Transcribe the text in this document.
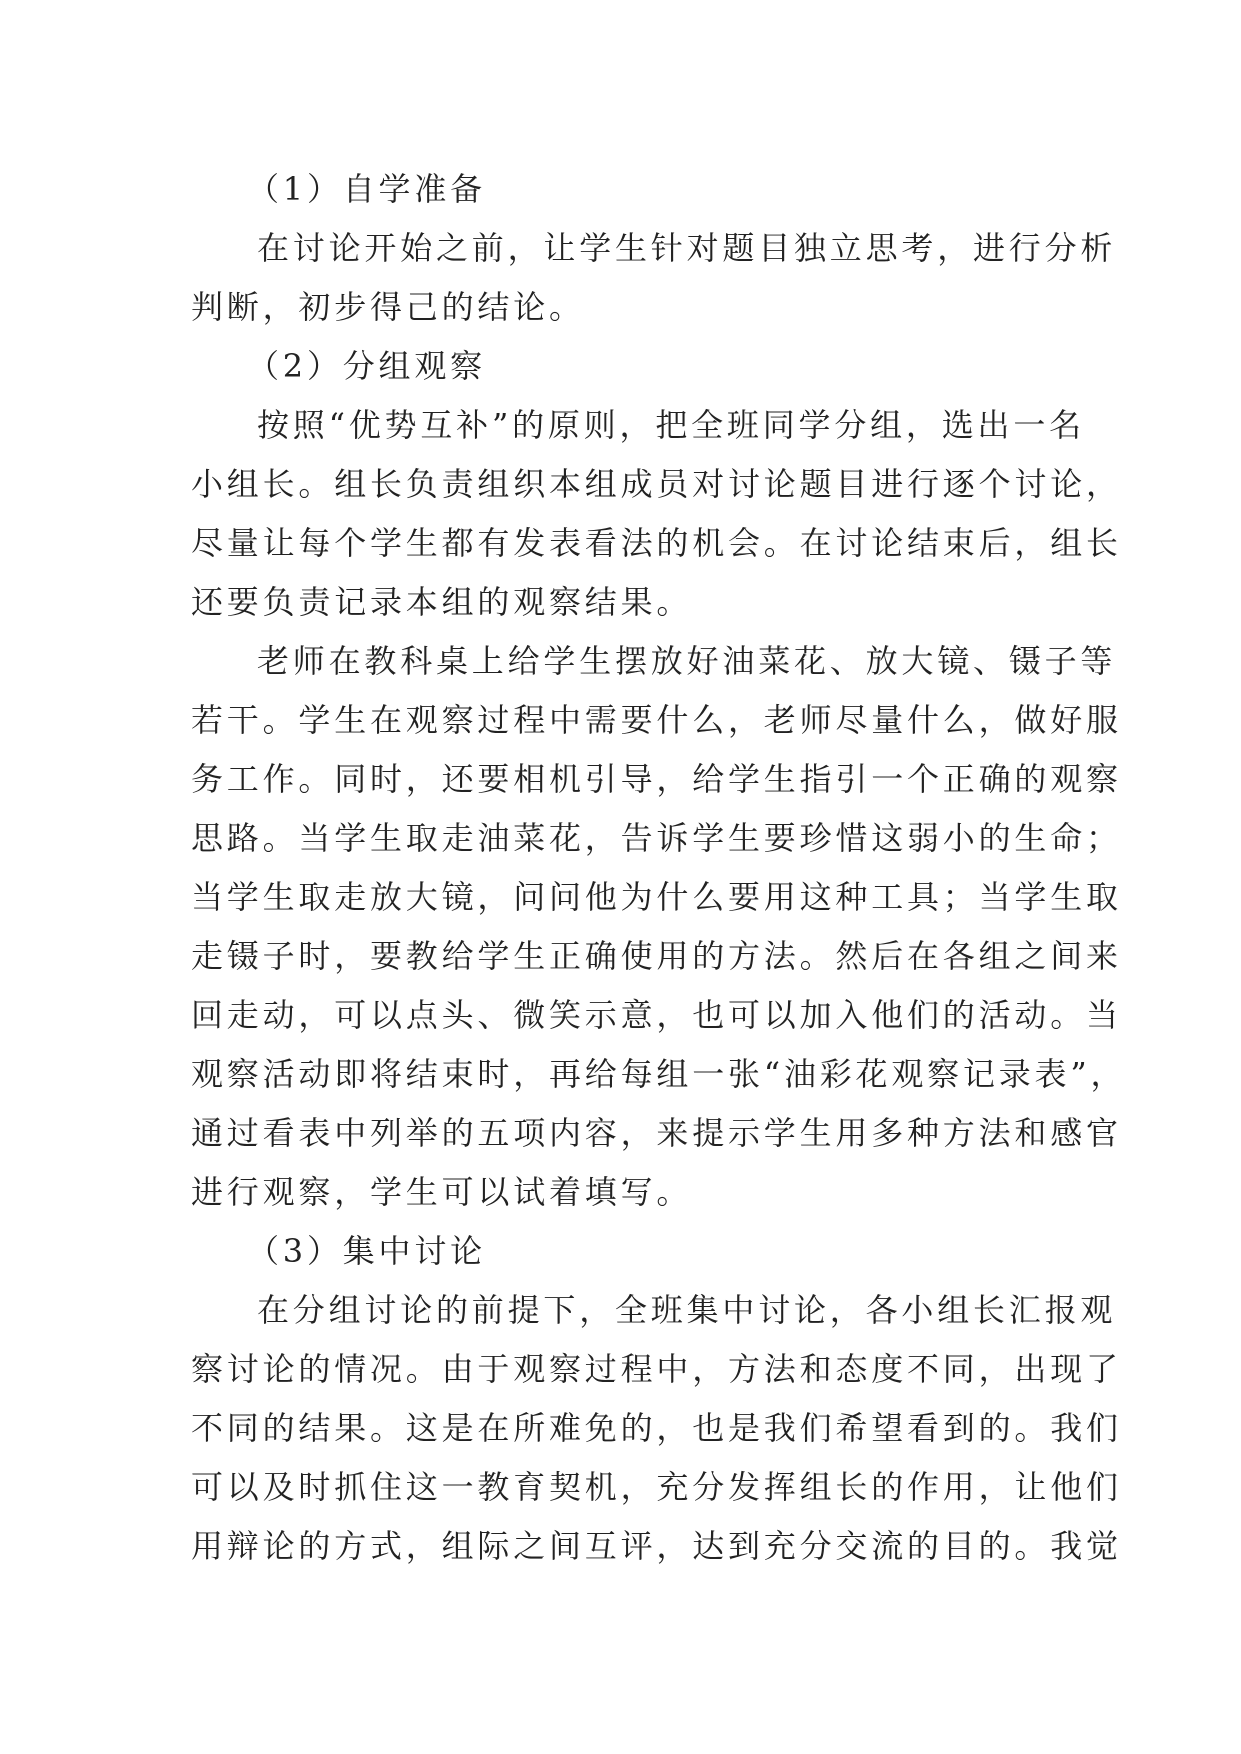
（1）自学准备
在讨论开始之前，让学生针对题目独立思考，进行分析
判断，初步得己的结论。
（2）分组观察
按照“优势互补”的原则，把全班同学分组，选出一名
小组长。组长负责组织本组成员对讨论题目进行逐个讨论，
尽量让每个学生都有发表看法的机会。在讨论结束后，组长
还要负责记录本组的观察结果。
老师在教科桌上给学生摆放好油菜花、放大镜、镊子等
若干。学生在观察过程中需要什么，老师尽量什么，做好服
务工作。同时，还要相机引导，给学生指引一个正确的观察
思路。当学生取走油菜花，告诉学生要珍惜这弱小的生命；
当学生取走放大镜，问问他为什么要用这种工具；当学生取
走镊子时，要教给学生正确使用的方法。然后在各组之间来
回走动，可以点头、微笑示意，也可以加入他们的活动。当
观察活动即将结束时，再给每组一张“油彩花观察记录表”，
通过看表中列举的五项内容，来提示学生用多种方法和感官
进行观察，学生可以试着填写。
（3）集中讨论
在分组讨论的前提下，全班集中讨论，各小组长汇报观
察讨论的情况。由于观察过程中，方法和态度不同，出现了
不同的结果。这是在所难免的，也是我们希望看到的。我们
可以及时抓住这一教育契机，充分发挥组长的作用，让他们
用辩论的方式，组际之间互评，达到充分交流的目的。我觉
